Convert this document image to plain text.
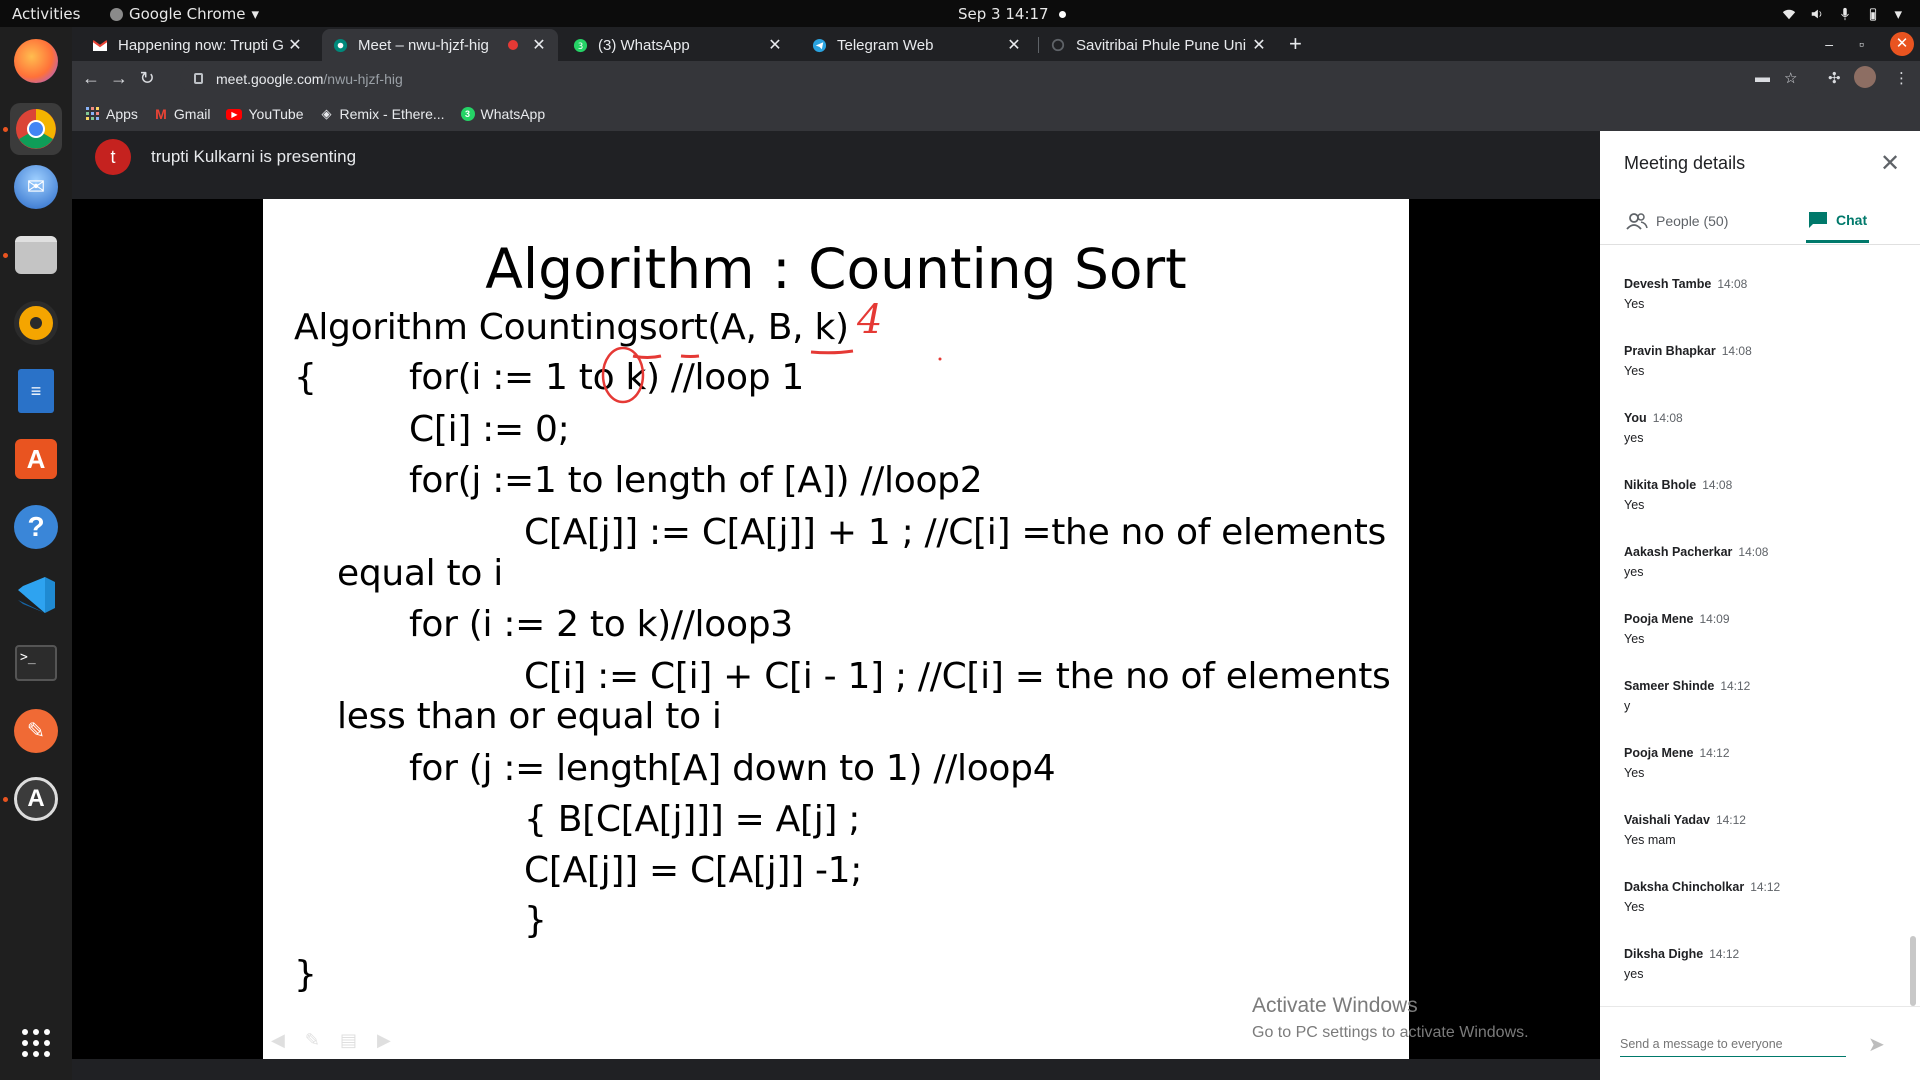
Activities	Google Chrome ▾	Sep 3 14:17	▾
✉
≡
A
?
>_
✎
A
Happening now: Trupti G ✕	Meet – nwu-hjzf-hig	✕	3 (3) WhatsApp	✕	Telegram Web	✕	Savitribai Phule Pune Uni ✕ +	– ▫	✕
← → ↻	meet.google.com/nwu-hjzf-hig	▬ ☆ ✣	⋮
Apps M Gmail	▶ YouTube ◈ Remix - Ethere...	3 WhatsApp
t	trupti Kulkarni is presenting
Algorithm : Counting Sort
Algorithm Countingsort(A, B, k)
{	for(i := 1 to k) //loop 1
C[i] := 0;
for(j :=1 to length of [A]) //loop2
C[A[j]] := C[A[j]] + 1 ; //C[i] =the no of elements
equal to i
for (i := 2 to k)//loop3
C[i] := C[i] + C[i - 1] ; //C[i] = the no of elements
less than or equal to i
for (j := length[A] down to 1) //loop4
{ B[C[A[j]]] = A[j] ;
C[A[j]] = C[A[j]] -1;
}
}
4
◀ ✎ ▤ ▶
Activate Windows
Go to PC settings to activate Windows.
Meeting details	✕
People (50)	Chat
Devesh Tambe 14:08
Yes
Pravin Bhapkar 14:08
Yes
You 14:08
yes
Nikita Bhole 14:08
Yes
Aakash Pacherkar 14:08
yes
Pooja Mene 14:09
Yes
Sameer Shinde 14:12
y
Pooja Mene 14:12
Yes
Vaishali Yadav 14:12
Yes mam
Daksha Chincholkar 14:12
Yes
Diksha Dighe 14:12
yes
Send a message to everyone
➤
